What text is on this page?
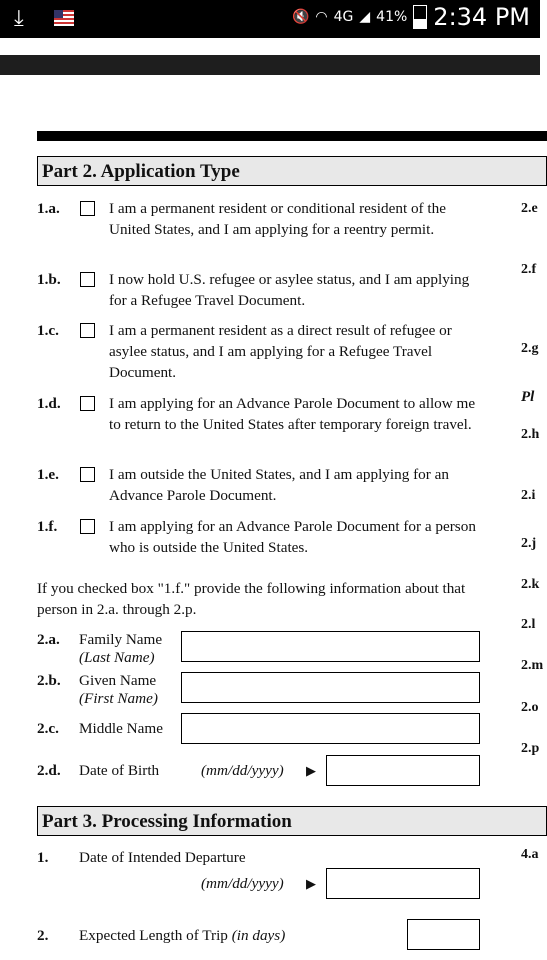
⤓	🔇 ◠ 4G ◢ 41% 2:34 PM
Part 2. Application Type
1.a.	I am a permanent resident or conditional resident of the United States, and I am applying for a reentry permit.
1.b.	I now hold U.S. refugee or asylee status, and I am applying for a Refugee Travel Document.
1.c.	I am a permanent resident as a direct result of refugee or asylee status, and I am applying for a Refugee Travel Document.
1.d.	I am applying for an Advance Parole Document to allow me to return to the United States after temporary foreign travel.
1.e.	I am outside the United States, and I am applying for an Advance Parole Document.
1.f.	I am applying for an Advance Parole Document for a person who is outside the United States.
If you checked box "1.f." provide the following information about that person in 2.a. through 2.p.
2.a. Family Name
(Last Name)
2.b. Given Name
(First Name)
2.c. Middle Name
2.d. Date of Birth	(mm/dd/yyyy) ▶
Part 3. Processing Information
1. Date of Intended Departure
(mm/dd/yyyy) ▶
2. Expected Length of Trip (in days)
2.e
2.f
2.g
Pl
2.h
2.i
2.j
2.k
2.l
2.m
2.o
2.p
4.a
